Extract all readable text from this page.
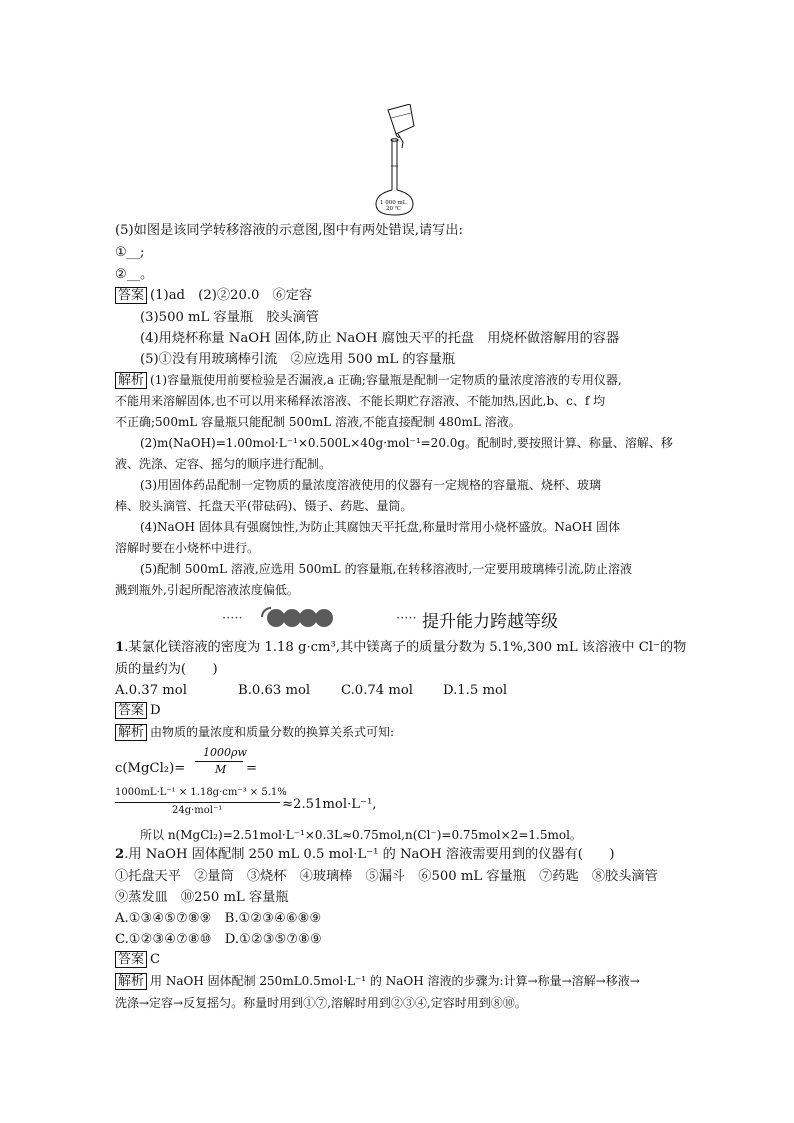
1 000 mL
20 ℃
(5)如图是该同学转移溶液的示意图,图中有两处错误,请写出:
①__;
②__。
答案 (1)ad　(2)②20.0　⑥定容
(3)500 mL 容量瓶　胶头滴管
(4)用烧杯称量 NaOH 固体,防止 NaOH 腐蚀天平的托盘　用烧杯做溶解用的容器
(5)①没有用玻璃棒引流　②应选用 500 mL 的容量瓶
解析 (1)容量瓶使用前要检验是否漏液,a 正确;容量瓶是配制一定物质的量浓度溶液的专用仪器,
不能用来溶解固体,也不可以用来稀释浓溶液、不能长期贮存溶液、不能加热,因此,b、c、f 均
不正确;500mL 容量瓶只能配制 500mL 溶液,不能直接配制 480mL 溶液。
(2)m(NaOH)=1.00mol·L⁻¹×0.500L×40g·mol⁻¹=20.0g。配制时,要按照计算、称量、溶解、移
液、洗涤、定容、摇匀的顺序进行配制。
(3)用固体药品配制一定物质的量浓度溶液使用的仪器有一定规格的容量瓶、烧杯、玻璃
棒、胶头滴管、托盘天平(带砝码)、镊子、药匙、量筒。
(4)NaOH 固体具有强腐蚀性,为防止其腐蚀天平托盘,称量时常用小烧杯盛放。NaOH 固体
溶解时要在小烧杯中进行。
(5)配制 500mL 溶液,应选用 500mL 的容量瓶,在转移溶液时,一定要用玻璃棒引流,防止溶液
溅到瓶外,引起所配溶液浓度偏低。
·····	····· 提升能力跨越等级
1.某氯化镁溶液的密度为 1.18 g·cm³,其中镁离子的质量分数为 5.1%,300 mL 该溶液中 Cl⁻的物
质的量约为(　　)
A.0.37 mol	B.0.63 mol C.0.74 mol D.1.5 mol
答案 D
解析 由物质的量浓度和质量分数的换算关系式可知:
c(MgCl₂)=
1000ρw
M =
1000mL·L⁻¹ × 1.18g·cm⁻³ × 5.1%
24g·mol⁻¹	≈2.51mol·L⁻¹,
所以 n(MgCl₂)=2.51mol·L⁻¹×0.3L≈0.75mol,n(Cl⁻)=0.75mol×2=1.5mol。
2.用 NaOH 固体配制 250 mL 0.5 mol·L⁻¹ 的 NaOH 溶液需要用到的仪器有(　　)
①托盘天平　②量筒　③烧杯　④玻璃棒　⑤漏斗　⑥500 mL 容量瓶　⑦药匙　⑧胶头滴管
⑨蒸发皿　⑩250 mL 容量瓶
A.①③④⑤⑦⑧⑨　B.①②③④⑥⑧⑨
C.①②③④⑦⑧⑩　D.①②③⑤⑦⑧⑨
答案 C
解析 用 NaOH 固体配制 250mL0.5mol·L⁻¹ 的 NaOH 溶液的步骤为:计算→称量→溶解→移液→
洗涤→定容→反复摇匀。称量时用到①⑦,溶解时用到②③④,定容时用到⑧⑩。
